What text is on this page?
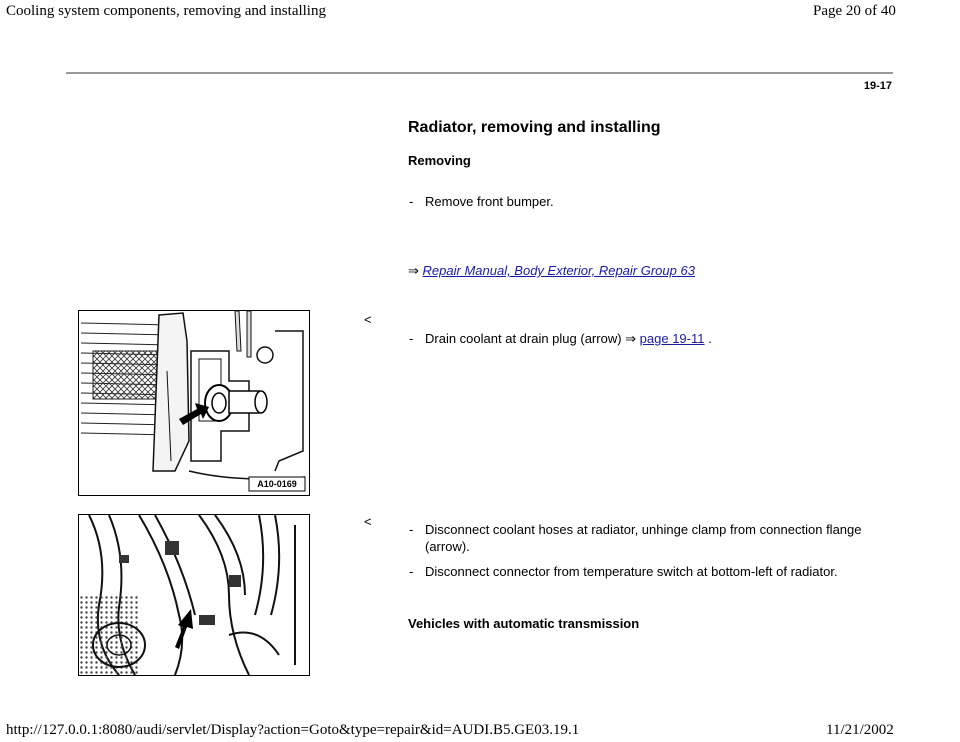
Cooling system components, removing and installing	Page 20 of 40
19-17
Radiator, removing and installing
Removing
- Remove front bumper.
⇒ Repair Manual, Body Exterior, Repair Group 63
A10-0169
<
- Drain coolant at drain plug (arrow) ⇒ page 19-11 .
<
- Disconnect coolant hoses at radiator, unhinge clamp from connection flange (arrow).
- Disconnect connector from temperature switch at bottom-left of radiator.
Vehicles with automatic transmission
http://127.0.0.1:8080/audi/servlet/Display?action=Goto&type=repair&id=AUDI.B5.GE03.19.1	11/21/2002
